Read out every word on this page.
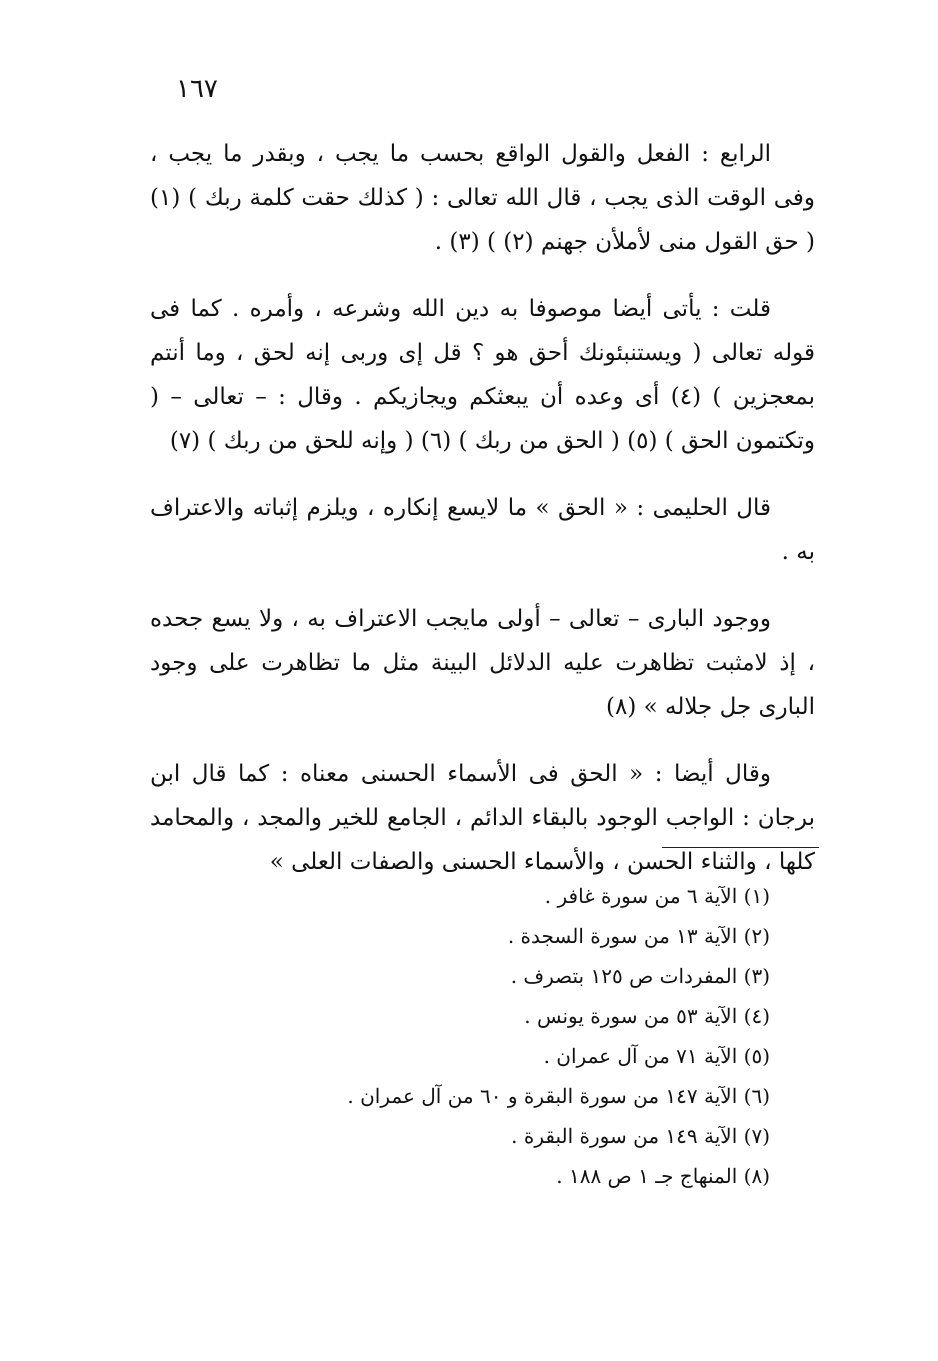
١٦٧

الرابع : الفعل والقول الواقع بحسب ما يجب ، وبقدر ما يجب ، وفى الوقت الذى يجب ، قال الله تعالى : ( كذلك حقت كلمة ربك ) (١) ( حق القول منى لأملأن جهنم (٢) ) (٣) .

قلت : يأتى أيضا موصوفا به دين الله وشرعه ، وأمره . كما فى قوله تعالى ( ويستنبئونك أحق هو ؟ قل إى وربى إنه لحق ، وما أنتم بمعجزين ) (٤) أى وعده أن يبعثكم ويجازيكم . وقال : – تعالى – ( وتكتمون الحق ) (٥) ( الحق من ربك ) (٦) ( وإنه للحق من ربك ) (٧)

قال الحليمى : « الحق » ما لايسع إنكاره ، ويلزم إثباته والاعتراف به .

ووجود البارى – تعالى – أولى مايجب الاعتراف به ، ولا يسع جحده ، إذ لامثبت تظاهرت عليه الدلائل البينة مثل ما تظاهرت على وجود البارى جل جلاله » (٨)

وقال أيضا : « الحق فى الأسماء الحسنى معناه : كما قال ابن برجان : الواجب الوجود بالبقاء الدائم ، الجامع للخير والمجد ، والمحامد كلها ، والثناء الحسن ، والأسماء الحسنى والصفات العلى »

(١) الآية ٦ من سورة غافر .
(٢) الآية ١٣ من سورة السجدة .
(٣) المفردات ص ١٢٥ بتصرف .
(٤) الآية ٥٣ من سورة يونس .
(٥) الآية ٧١ من آل عمران .
(٦) الآية ١٤٧ من سورة البقرة و ٦٠ من آل عمران .
(٧) الآية ١٤٩ من سورة البقرة .
(٨) المنهاج جـ ١ ص ١٨٨ .
